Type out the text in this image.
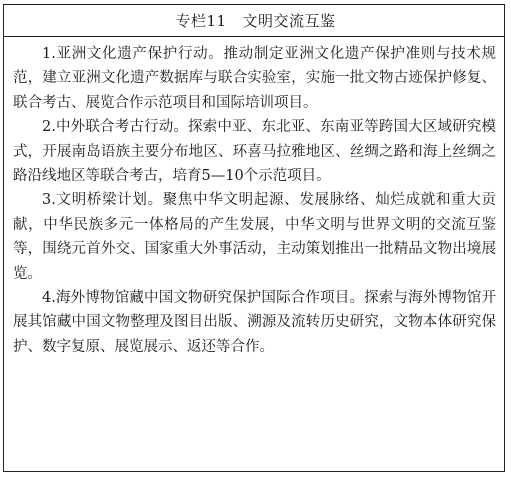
专栏11 文明交流互鉴

1.亚洲文化遗产保护行动。推动制定亚洲文化遗产保护准则与技术规范，建立亚洲文化遗产数据库与联合实验室，实施一批文物古迹保护修复、联合考古、展览合作示范项目和国际培训项目。

2.中外联合考古行动。探索中亚、东北亚、东南亚等跨国大区域研究模式，开展南岛语族主要分布地区、环喜马拉雅地区、丝绸之路和海上丝绸之路沿线地区等联合考古，培育5—10个示范项目。

3.文明桥梁计划。聚焦中华文明起源、发展脉络、灿烂成就和重大贡献，中华民族多元一体格局的产生发展，中华文明与世界文明的交流互鉴等，围绕元首外交、国家重大外事活动，主动策划推出一批精品文物出境展览。

4.海外博物馆藏中国文物研究保护国际合作项目。探索与海外博物馆开展其馆藏中国文物整理及图目出版、溯源及流转历史研究，文物本体研究保护、数字复原、展览展示、返还等合作。
